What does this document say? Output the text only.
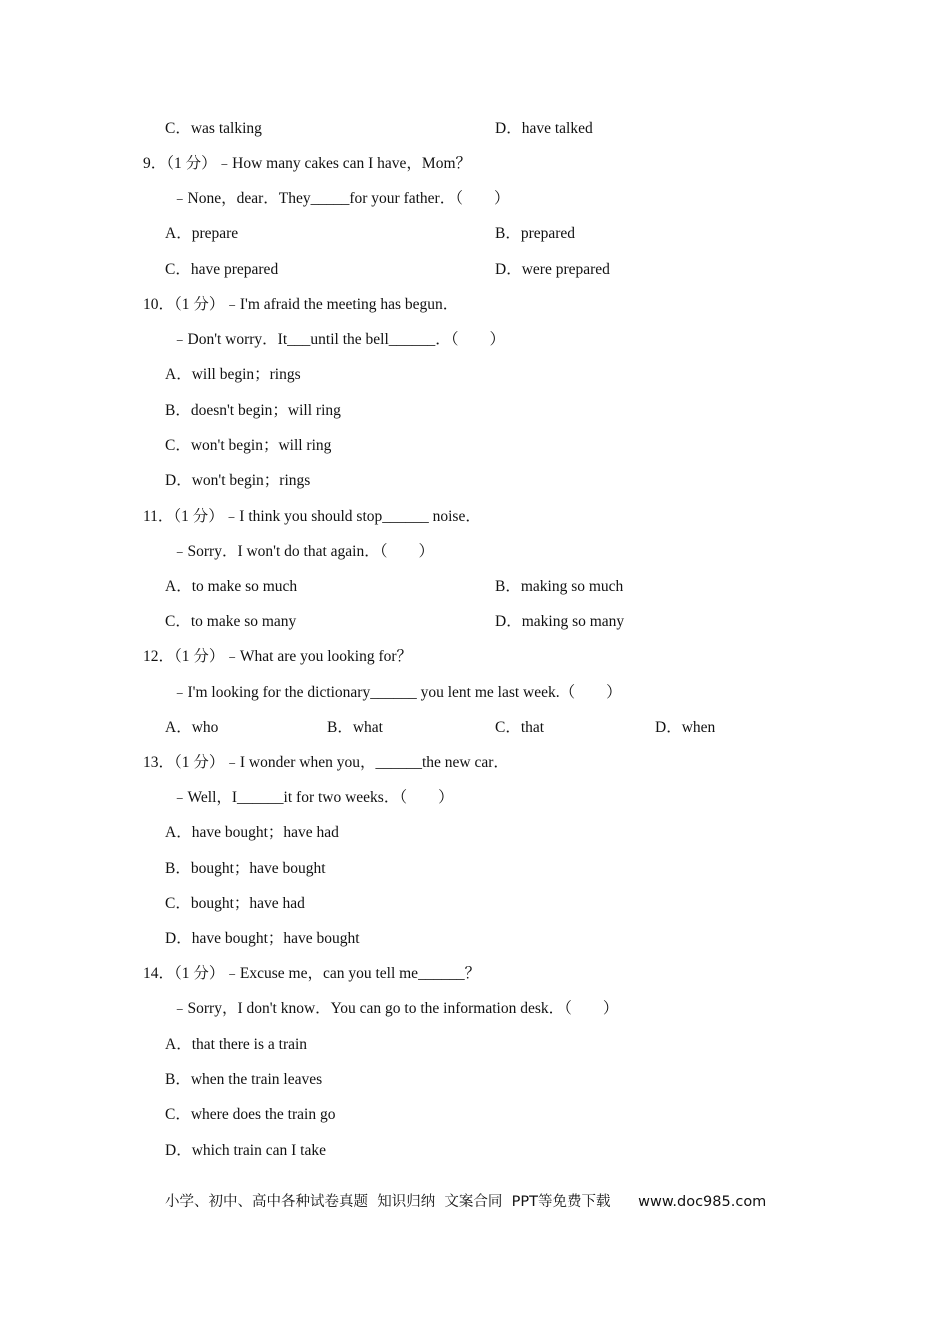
C．was talking	D．have talked
9．（1 分）﹣How many cakes can I have，Mom？
﹣None，dear．They_____for your father．（　　）
A．prepare	B．prepared
C．have prepared	D．were prepared
10．（1 分）﹣I'm afraid the meeting has begun．
﹣Don't worry．It___until the bell______．（　　）
A．will begin；rings
B．doesn't begin；will ring
C．won't begin；will ring
D．won't begin；rings
11．（1 分）﹣I think you should stop______ noise．
﹣Sorry．I won't do that again．（　　）
A．to make so much	B．making so much
C．to make so many	D．making so many
12．（1 分）﹣What are you looking for？
﹣I'm looking for the dictionary______ you lent me last week.（　　）
A．who	B．what	C．that	D．when
13．（1 分）﹣I wonder when you，______the new car．
﹣Well，I______it for two weeks．（　　）
A．have bought；have had
B．bought；have bought
C．bought；have had
D．have bought；have bought
14．（1 分）﹣Excuse me，can you tell me______？
﹣Sorry，I don't know．You can go to the information desk．（　　）
A．that there is a train
B．when the train leaves
C．where does the train go
D．which train can I take
小学、初中、高中各种试卷真题  知识归纳  文案合同  PPT等免费下载      www.doc985.com
